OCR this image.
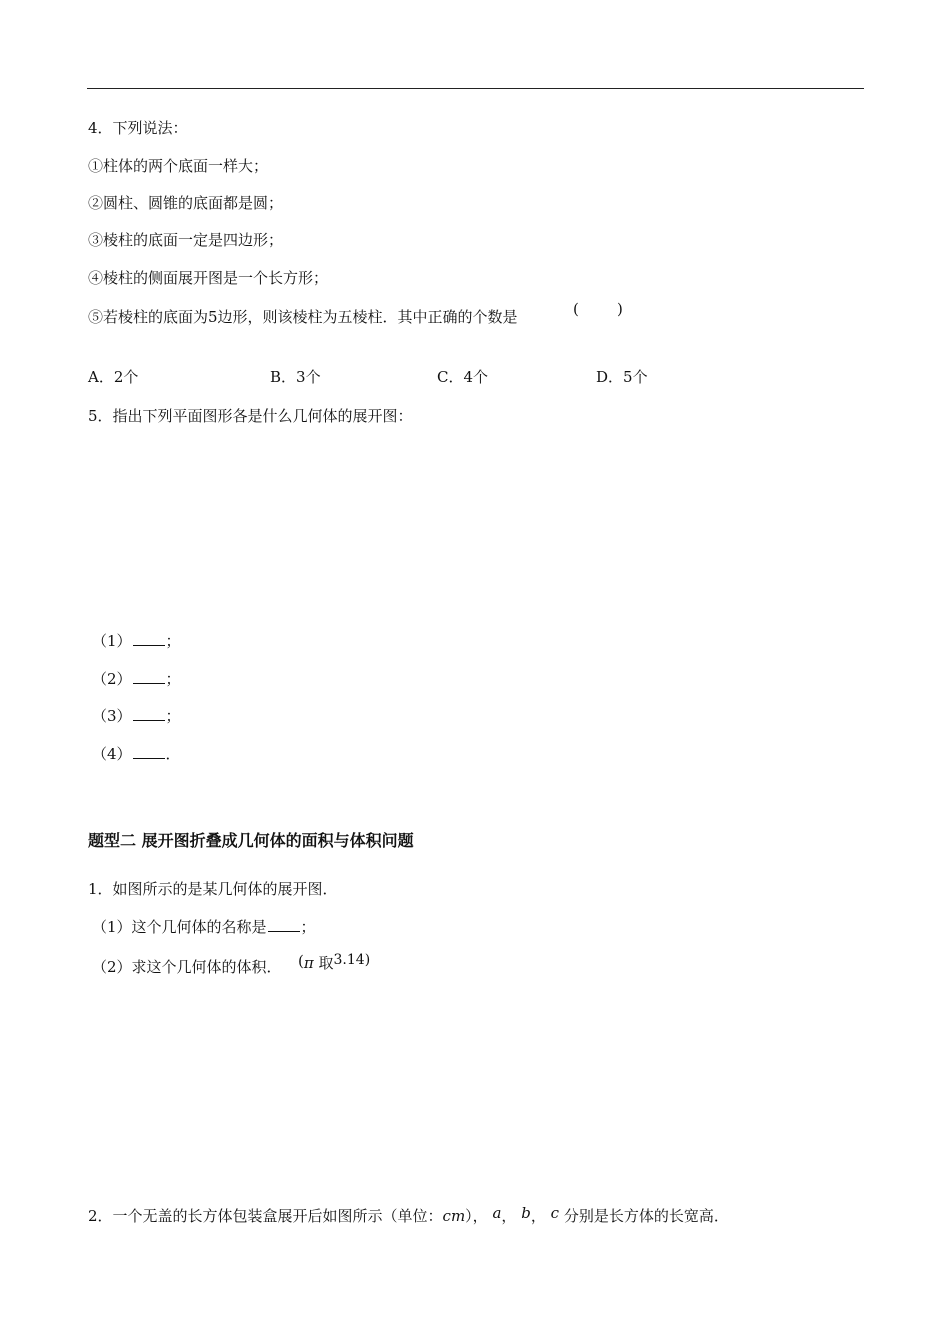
4．下列说法：
①柱体的两个底面一样大；
②圆柱、圆锥的底面都是圆；
③棱柱的底面一定是四边形；
④棱柱的侧面展开图是一个长方形；
⑤若棱柱的底面为5边形，则该棱柱为五棱柱．其中正确的个数是	(	)
A．2个	B．3个	C．4个	D．5个
5．指出下列平面图形各是什么几何体的展开图：
（1） ；
（2） ；
（3） ；
（4） ．
题型二 展开图折叠成几何体的面积与体积问题
1．如图所示的是某几何体的展开图．
（1）这个几何体的名称是 ；
（2）求这个几何体的体积． (π 取3.14)
2．一个无盖的长方体包装盒展开后如图所示（单位：cm）， a， b， c 分别是长方体的长宽高．
